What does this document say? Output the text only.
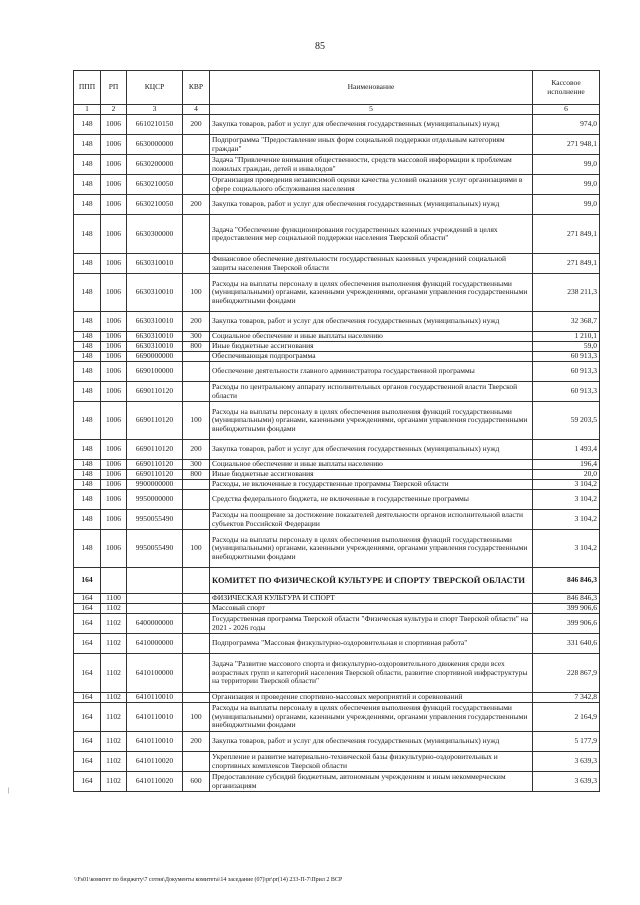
85
ППП	РП	КЦСР	КВР	Наименование	Кассовое исполнение
1	2	3	4	5	6
148	1006	6610210150	200	Закупка товаров, работ и услуг для обеспечения государственных (муниципальных) нужд	974,0
148	1006	6630000000		Подпрограмма "Предоставление иных форм социальной поддержки отдельным категориям граждан"	271 948,1
148	1006	6630200000		Задача "Привлечение внимания общественности, средств массовой информации к проблемам пожилых граждан, детей и инвалидов"	99,0
148	1006	6630210050		Организация проведения независимой оценки качества условий оказания услуг организациями в сфере социального обслуживания населения	99,0
148	1006	6630210050	200	Закупка товаров, работ и услуг для обеспечения государственных (муниципальных) нужд	99,0
148	1006	6630300000		Задача "Обеспечение функционирования государственных казенных учреждений в целях предоставления мер социальной поддержки населения Тверской области"	271 849,1
148	1006	6630310010		Финансовое обеспечение деятельности государственных казенных учреждений социальной защиты населения Тверской области	271 849,1
148	1006	6630310010	100	Расходы на выплаты персоналу в целях обеспечения выполнения функций государственными (муниципальными) органами, казенными учреждениями, органами управления государственными внебюджетными фондами	238 211,3
148	1006	6630310010	200	Закупка товаров, работ и услуг для обеспечения государственных (муниципальных) нужд	32 368,7
148	1006	6630310010	300	Социальное обеспечение и иные выплаты населению	1 210,1
148	1006	6630310010	800	Иные бюджетные ассигнования	59,0
148	1006	6690000000		Обеспечивающая подпрограмма	60 913,3
148	1006	6690100000		Обеспечение деятельности главного администратора государственной программы	60 913,3
148	1006	6690110120		Расходы по центральному аппарату исполнительных органов государственной власти Тверской области	60 913,3
148	1006	6690110120	100	Расходы на выплаты персоналу в целях обеспечения выполнения функций государственными (муниципальными) органами, казенными учреждениями, органами управления государственными внебюджетными фондами	59 203,5
148	1006	6690110120	200	Закупка товаров, работ и услуг для обеспечения государственных (муниципальных) нужд	1 493,4
148	1006	6690110120	300	Социальное обеспечение и иные выплаты населению	196,4
148	1006	6690110120	800	Иные бюджетные ассигнования	20,0
148	1006	9900000000		Расходы, не включенные в государственные программы Тверской области	3 104,2
148	1006	9950000000		Средства федерального бюджета, не включенные в государственные программы	3 104,2
148	1006	9950055490		Расходы на поощрение за достижение показателей деятельности органов исполнительной власти субъектов Российской Федерации	3 104,2
148	1006	9950055490	100	Расходы на выплаты персоналу в целях обеспечения выполнения функций государственными (муниципальными) органами, казенными учреждениями, органами управления государственными внебюджетными фондами	3 104,2
164				КОМИТЕТ ПО ФИЗИЧЕСКОЙ КУЛЬТУРЕ И СПОРТУ ТВЕРСКОЙ ОБЛАСТИ	846 846,3
164	1100			ФИЗИЧЕСКАЯ КУЛЬТУРА И СПОРТ	846 846,3
164	1102			Массовый спорт	399 906,6
164	1102	6400000000		Государственная программа Тверской области "Физическая культура и спорт Тверской области" на 2021 - 2026 годы	399 906,6
164	1102	6410000000		Подпрограмма "Массовая физкультурно-оздоровительная и спортивная работа"	331 640,6
164	1102	6410100000		Задача "Развитие массового спорта и физкультурно-оздоровительного движения среди всех возрастных групп и категорий населения Тверской области, развитие спортивной инфраструктуры на территории Тверской области"	228 867,9
164	1102	6410110010		Организация и проведение спортивно-массовых мероприятий и соревнований	7 342,8
164	1102	6410110010	100	Расходы на выплаты персоналу в целях обеспечения выполнения функций государственными (муниципальными) органами, казенными учреждениями, органами управления государственными внебюджетными фондами	2 164,9
164	1102	6410110010	200	Закупка товаров, работ и услуг для обеспечения государственных (муниципальных) нужд	5 177,9
164	1102	6410110020		Укрепление и развитие материально-технической базы физкультурно-оздоровительных и спортивных комплексов Тверской области	3 639,3
164	1102	6410110020	600	Предоставление субсидий бюджетным, автономным учреждениям и иным некоммерческим организациям	3 639,3
\\Fs01\комитет по бюджету\7 сотня\Документы комитета\14 заседание (07)\pr\pr(14) 233-П-7\Прил 2 ВСР
|
